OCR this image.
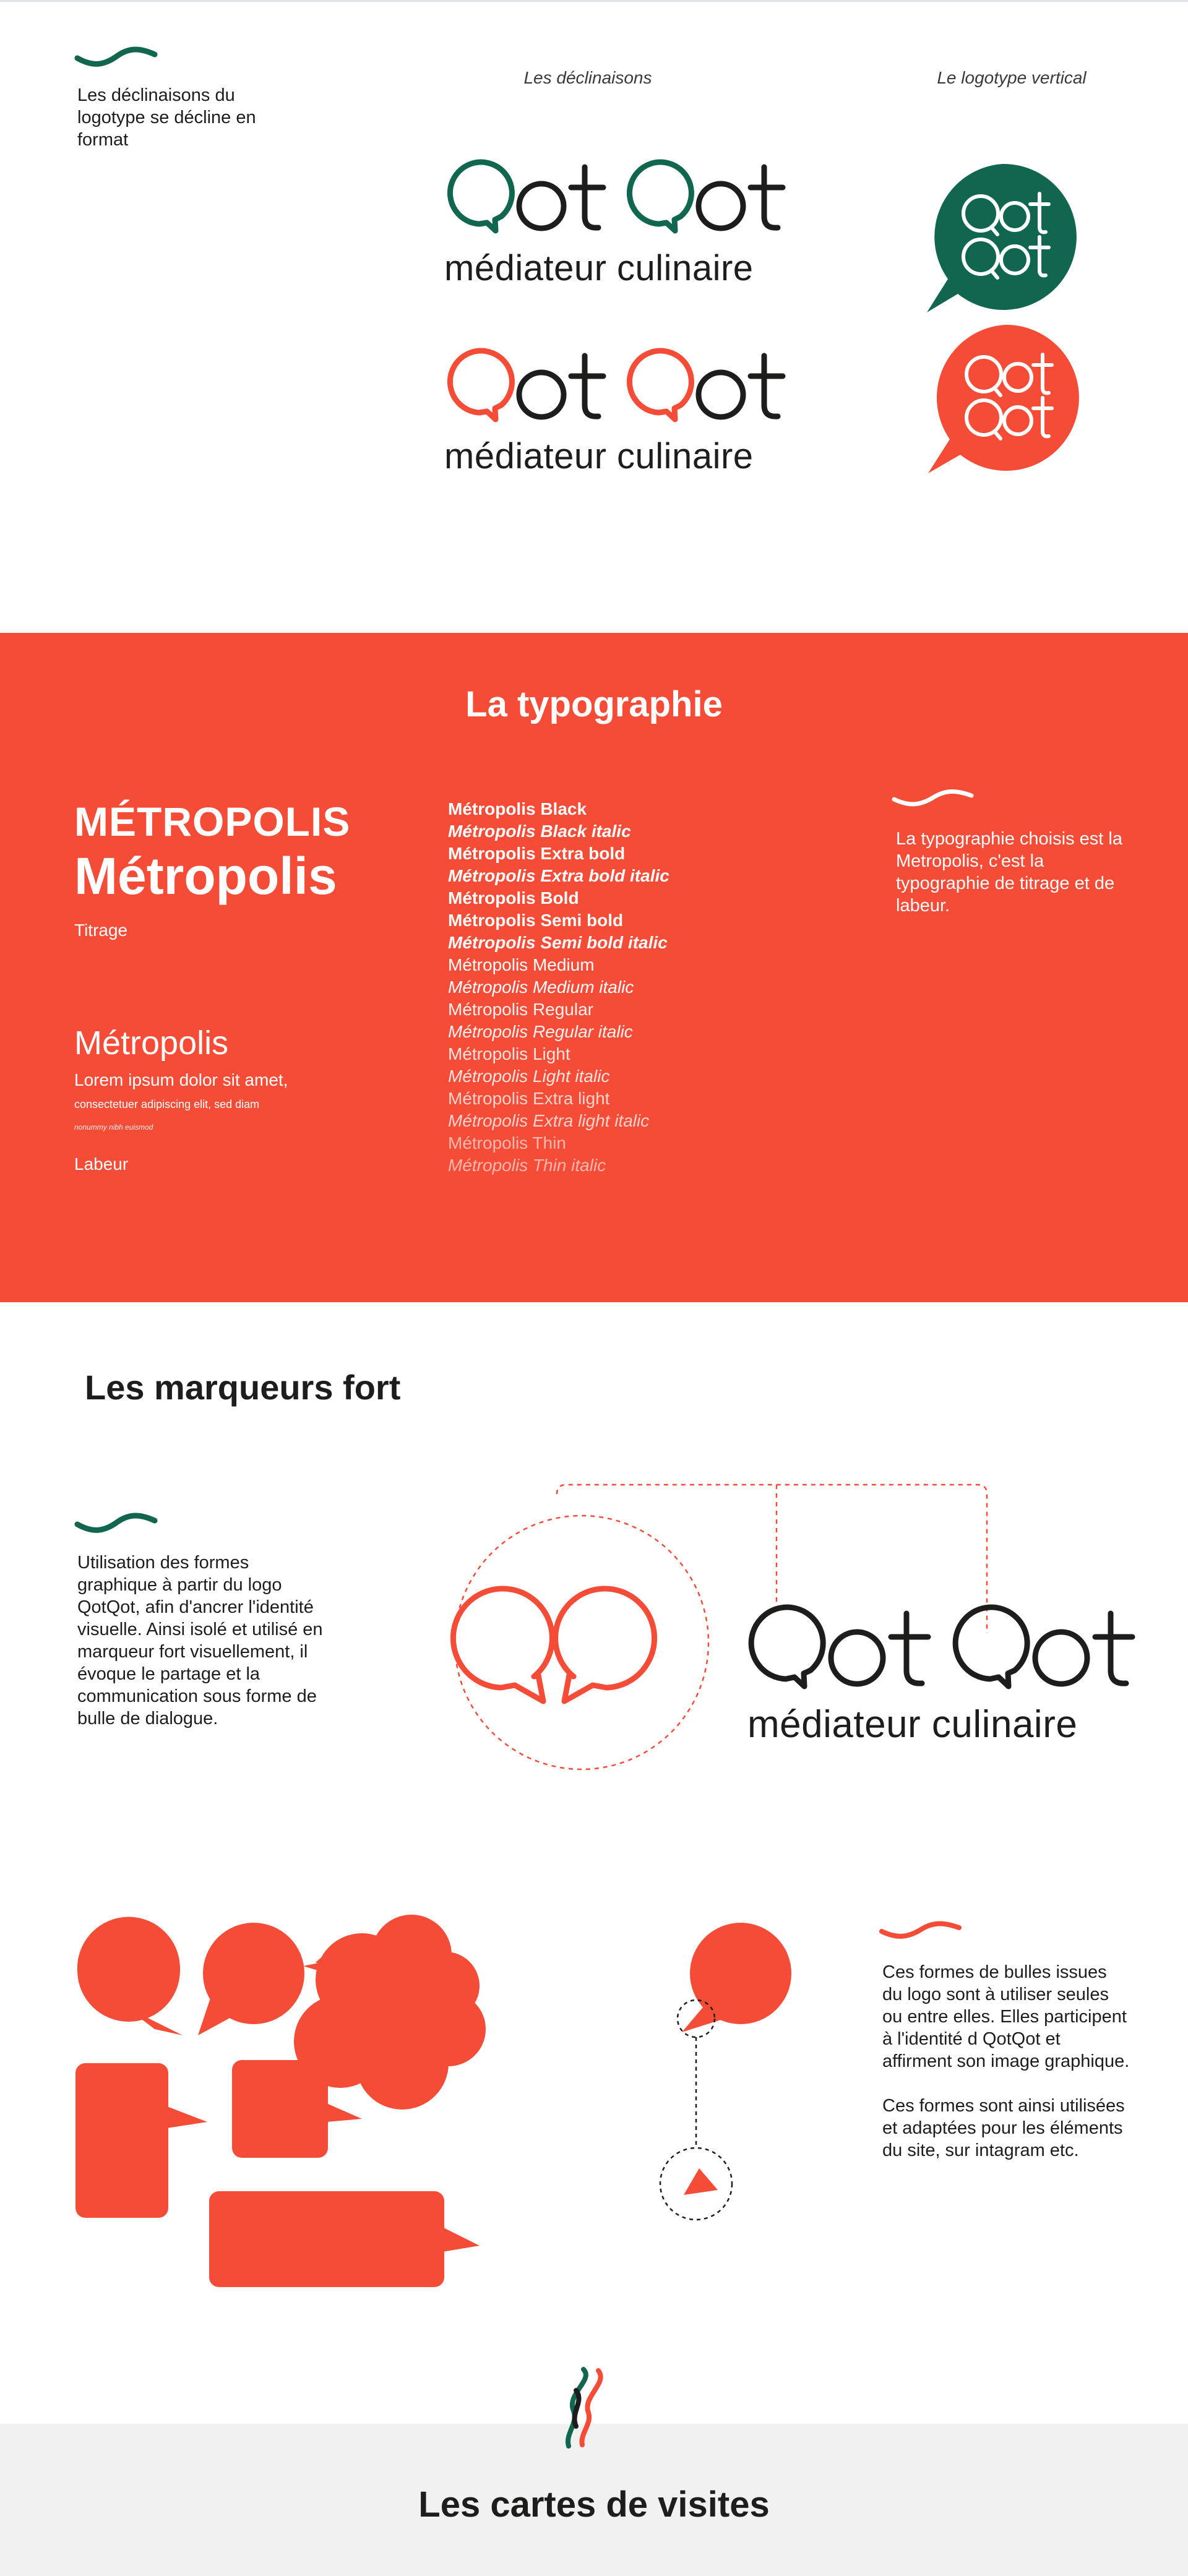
Les déclinaisons du logotype se décline en format
Les déclinaisons	Le logotype vertical
médiateur culinaire
médiateur culinaire
La typographie
MÉTROPOLIS
Métropolis
Titrage
Métropolis
Lorem ipsum dolor sit amet,
consectetuer adipiscing elit, sed diam
nonummy nibh euismod
Labeur
Métropolis Black
Métropolis Black italic
Métropolis Extra bold
Métropolis Extra bold italic
Métropolis Bold
Métropolis Semi bold
Métropolis Semi bold italic
Métropolis Medium
Métropolis Medium italic
Métropolis Regular
Métropolis Regular italic
Métropolis Light
Métropolis Light italic
Métropolis Extra light
Métropolis Extra light italic
Métropolis Thin
Métropolis Thin italic
La typographie choisis est la Metropolis, c'est la typographie de titrage et de labeur.
Les marqueurs fort
Utilisation des formes graphique à partir du logo QotQot, afin d'ancrer l'identité visuelle. Ainsi isolé et utilisé en marqueur fort visuellement, il évoque le partage et la communication sous forme de bulle de dialogue.	médiateur culinaire

Ces formes de bulles issues du logo sont à utiliser seules ou entre elles. Elles participent à l'identité d QotQot et affirment son image graphique.

Ces formes sont ainsi utilisées et adaptées pour les éléments du site, sur intagram etc.

Les cartes de visites
